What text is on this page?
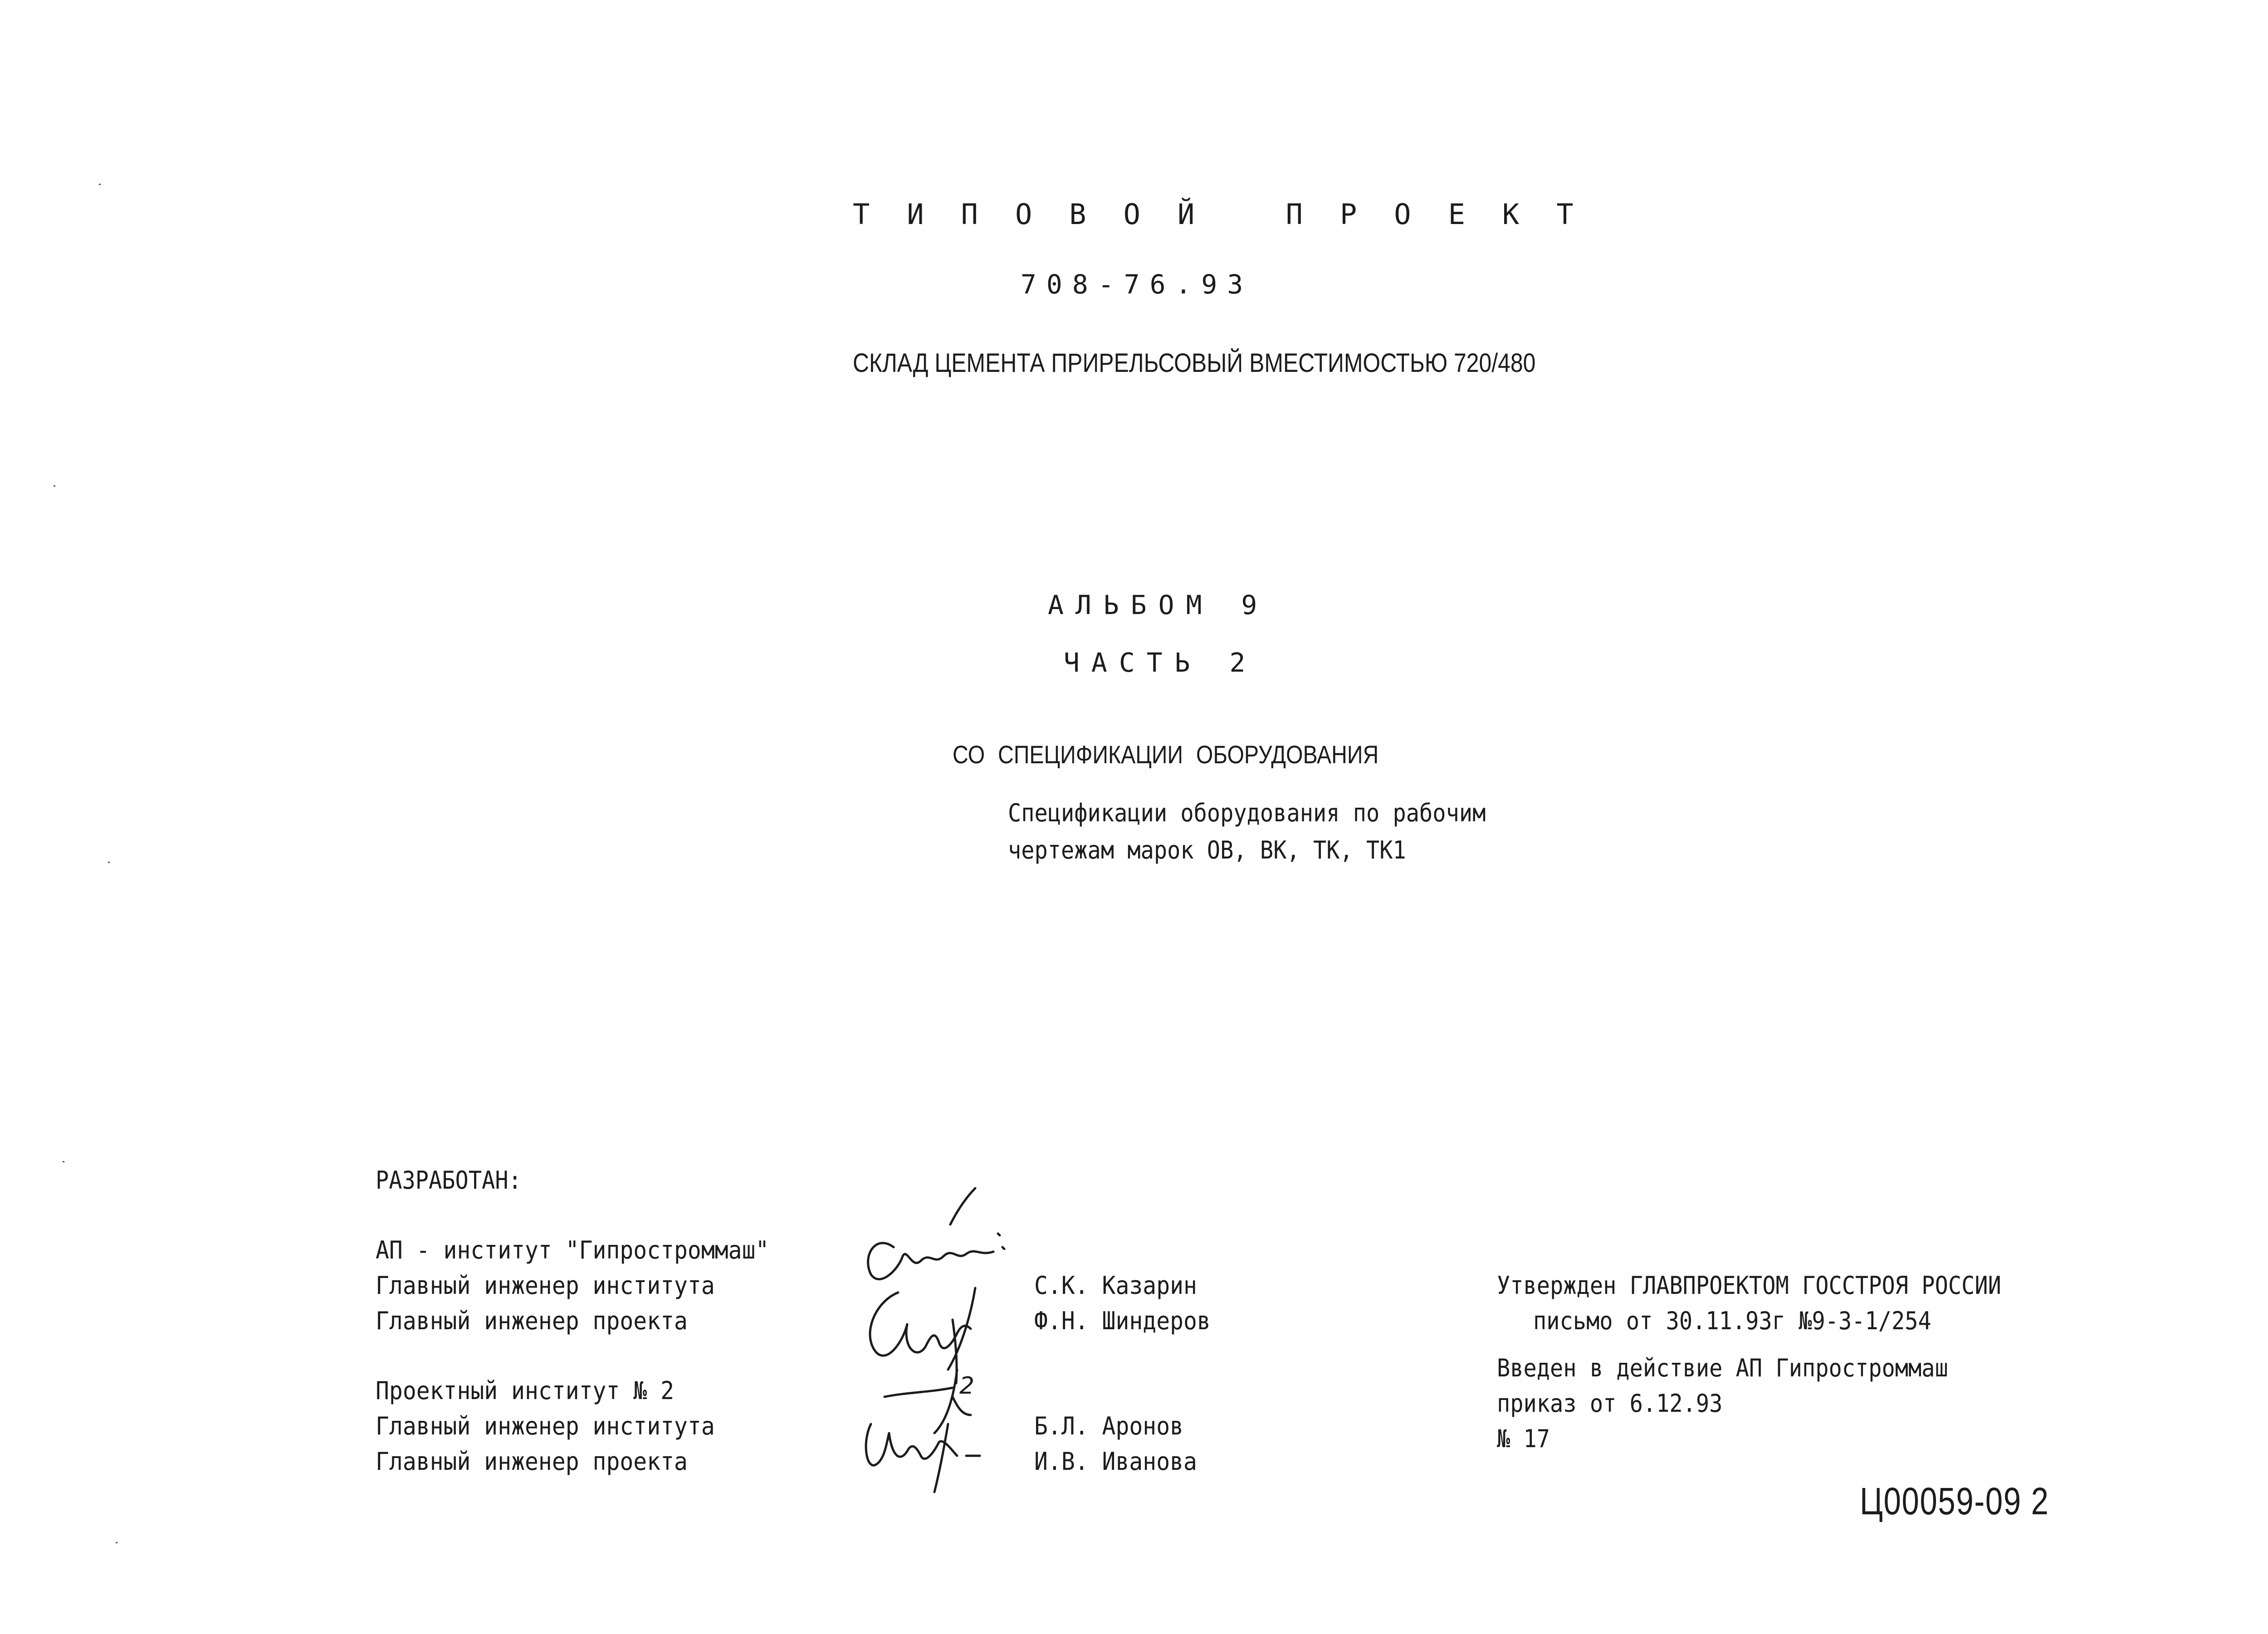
ТИПОВОЙ ПРОЕКТ
708-76.93
СКЛАД ЦЕМЕНТА ПРИРЕЛЬСОВЫЙ ВМЕСТИМОСТЬЮ 720/480
АЛЬБОМ 9
ЧАСТЬ 2
СО СПЕЦИФИКАЦИИ ОБОРУДОВАНИЯ
Спецификации оборудования по рабочим
чертежам марок ОВ, ВК, ТК, ТК1
РАЗРАБОТАН:
АП - институт "Гипростроммаш"
Главный инженер института
Главный инженер проекта
С.К. Казарин
Ф.Н. Шиндеров
Проектный институт № 2
Главный инженер института
Главный инженер проекта
Б.Л. Аронов
И.В. Иванова
2
Утвержден ГЛАВПРОЕКТОМ ГОССТРОЯ РОССИИ
письмо от 30.11.93г №9-3-1/254
Введен в действие АП Гипростроммаш
приказ от 6.12.93
№ 17
Ц00059-09 2
